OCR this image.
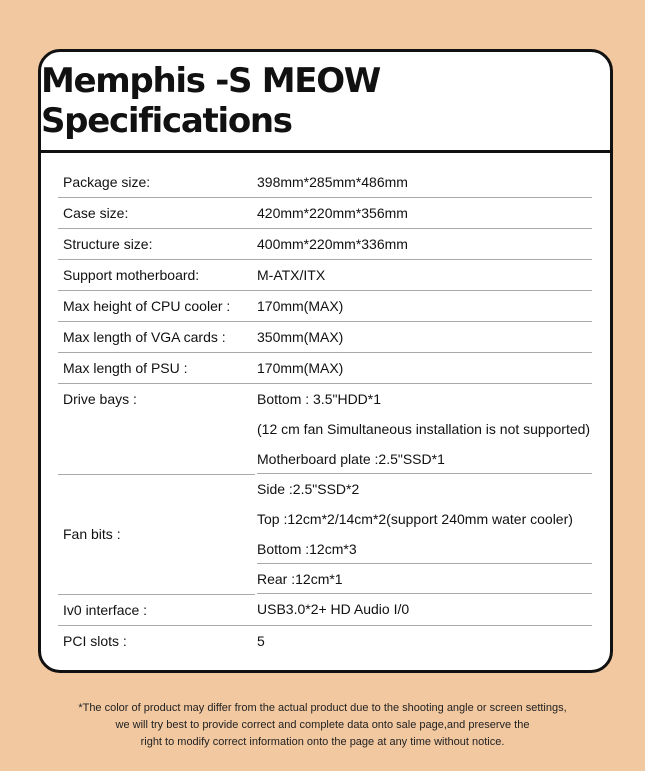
Memphis -S MEOW Specifications
Package size:	398mm*285mm*486mm
Case size:	420mm*220mm*356mm
Structure size:	400mm*220mm*336mm
Support motherboard:	M-ATX/ITX
Max height of CPU cooler :	170mm(MAX)
Max length of VGA cards :	350mm(MAX)
Max length of PSU :	170mm(MAX)
Drive bays :	Bottom : 3.5"HDD*1
(12 cm fan Simultaneous installation is not supported)
Motherboard plate :2.5"SSD*1

Fan bits :	Side :2.5"SSD*2
Top :12cm*2/14cm*2(support 240mm water cooler)
Bottom :12cm*3
Rear :12cm*1

Iv0 interface :	USB3.0*2+ HD Audio I/0
PCI slots :	5
*The color of product may differ from the actual product due to the shooting angle or screen settings,
we will try best to provide correct and complete data onto sale page,and preserve the
right to modify correct information onto the page at any time without notice.
